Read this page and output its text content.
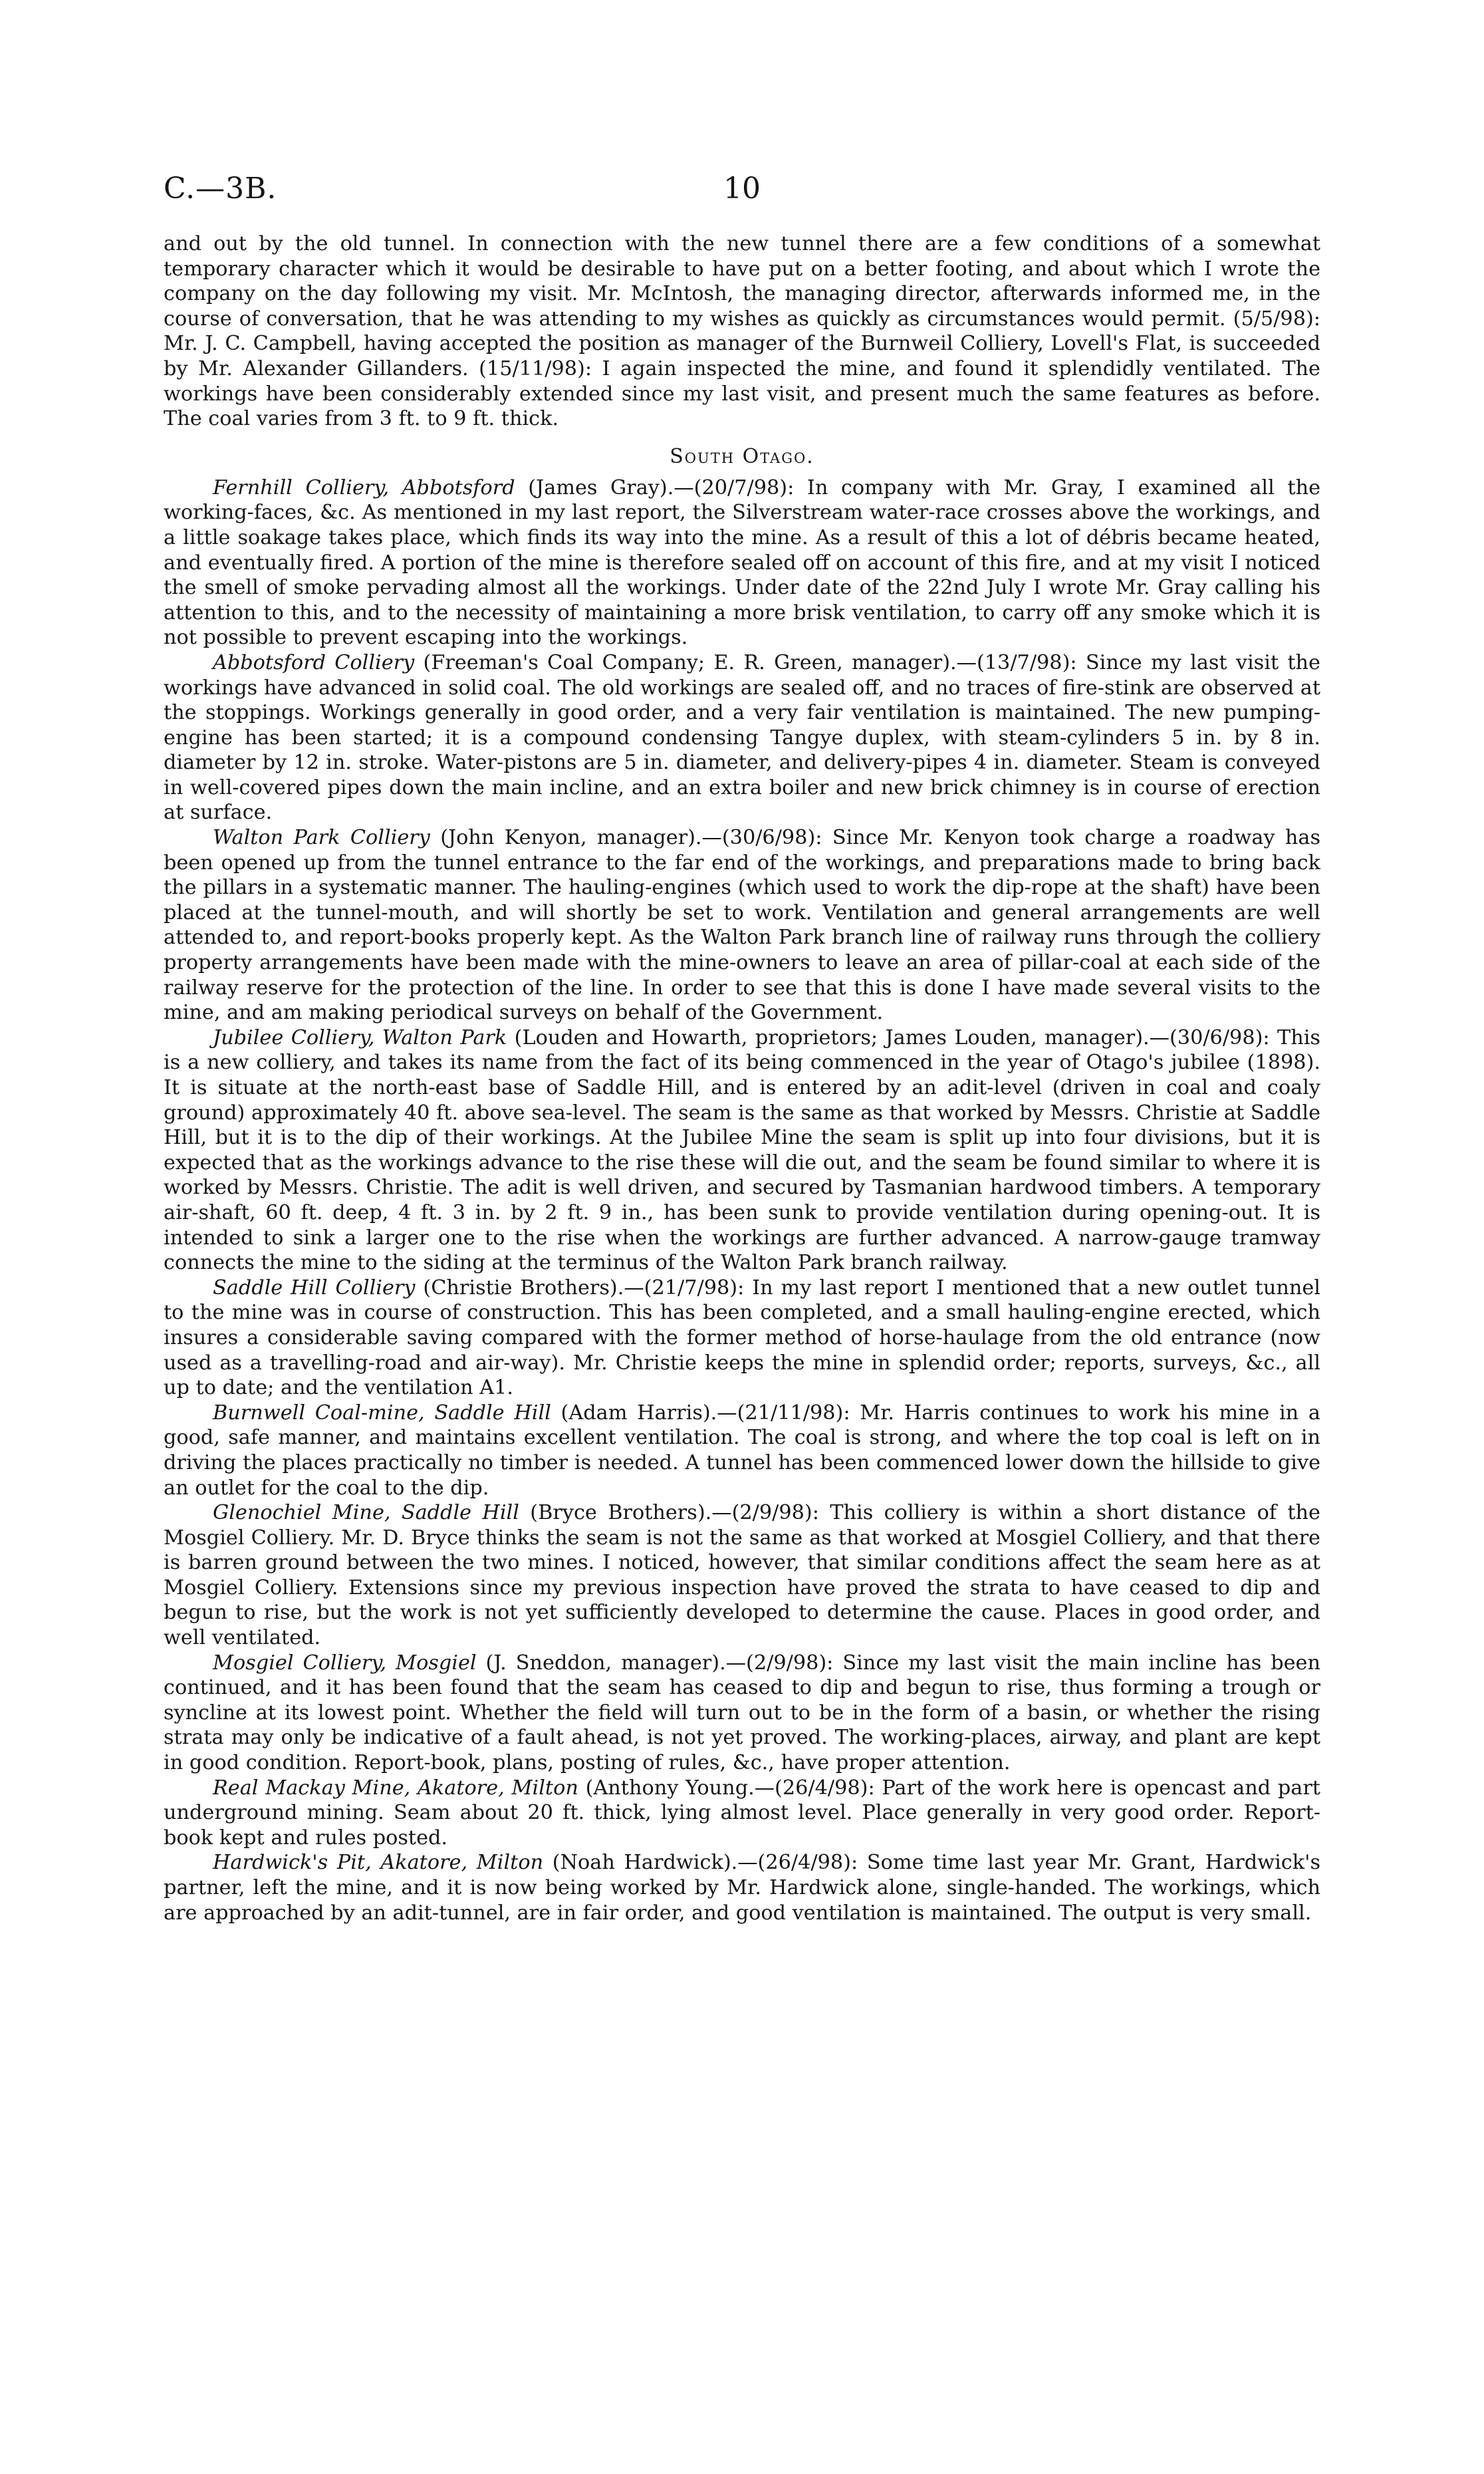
C.—3B.	10

and out by the old tunnel. In connection with the new tunnel there are a few conditions of a somewhat temporary character which it would be desirable to have put on a better footing, and about which I wrote the company on the day following my visit. Mr. McIntosh, the managing director, afterwards informed me, in the course of conversation, that he was attending to my wishes as quickly as circumstances would permit. (5/5/98): Mr. J. C. Campbell, having accepted the position as manager of the Burnweil Colliery, Lovell's Flat, is succeeded by Mr. Alexander Gillanders. (15/11/98): I again inspected the mine, and found it splendidly ventilated. The workings have been considerably extended since my last visit, and present much the same features as before. The coal varies from 3 ft. to 9 ft. thick.

South Otago.

Fernhill Colliery, Abbotsford (James Gray).—(20/7/98): In company with Mr. Gray, I examined all the working-faces, &c. As mentioned in my last report, the Silverstream water-race crosses above the workings, and a little soakage takes place, which finds its way into the mine. As a result of this a lot of débris became heated, and eventually fired. A portion of the mine is therefore sealed off on account of this fire, and at my visit I noticed the smell of smoke pervading almost all the workings. Under date of the 22nd July I wrote Mr. Gray calling his attention to this, and to the necessity of maintaining a more brisk ventilation, to carry off any smoke which it is not possible to prevent escaping into the workings.

Abbotsford Colliery (Freeman's Coal Company; E. R. Green, manager).—(13/7/98): Since my last visit the workings have advanced in solid coal. The old workings are sealed off, and no traces of fire-stink are observed at the stoppings. Workings generally in good order, and a very fair ventilation is maintained. The new pumping-engine has been started; it is a compound condensing Tangye duplex, with steam-cylinders 5 in. by 8 in. diameter by 12 in. stroke. Water-pistons are 5 in. diameter, and delivery-pipes 4 in. diameter. Steam is conveyed in well-covered pipes down the main incline, and an extra boiler and new brick chimney is in course of erection at surface.

Walton Park Colliery (John Kenyon, manager).—(30/6/98): Since Mr. Kenyon took charge a roadway has been opened up from the tunnel entrance to the far end of the workings, and preparations made to bring back the pillars in a systematic manner. The hauling-engines (which used to work the dip-rope at the shaft) have been placed at the tunnel-mouth, and will shortly be set to work. Ventilation and general arrangements are well attended to, and report-books properly kept. As the Walton Park branch line of railway runs through the colliery property arrangements have been made with the mine-owners to leave an area of pillar-coal at each side of the railway reserve for the protection of the line. In order to see that this is done I have made several visits to the mine, and am making periodical surveys on behalf of the Government.

Jubilee Colliery, Walton Park (Louden and Howarth, proprietors; James Louden, manager).—(30/6/98): This is a new colliery, and takes its name from the fact of its being commenced in the year of Otago's jubilee (1898). It is situate at the north-east base of Saddle Hill, and is entered by an adit-level (driven in coal and coaly ground) approximately 40 ft. above sea-level. The seam is the same as that worked by Messrs. Christie at Saddle Hill, but it is to the dip of their workings. At the Jubilee Mine the seam is split up into four divisions, but it is expected that as the workings advance to the rise these will die out, and the seam be found similar to where it is worked by Messrs. Christie. The adit is well driven, and secured by Tasmanian hardwood timbers. A temporary air-shaft, 60 ft. deep, 4 ft. 3 in. by 2 ft. 9 in., has been sunk to provide ventilation during opening-out. It is intended to sink a larger one to the rise when the workings are further advanced. A narrow-gauge tramway connects the mine to the siding at the terminus of the Walton Park branch railway.

Saddle Hill Colliery (Christie Brothers).—(21/7/98): In my last report I mentioned that a new outlet tunnel to the mine was in course of construction. This has been completed, and a small hauling-engine erected, which insures a considerable saving compared with the former method of horse-haulage from the old entrance (now used as a travelling-road and air-way). Mr. Christie keeps the mine in splendid order; reports, surveys, &c., all up to date; and the ventilation A1.

Burnwell Coal-mine, Saddle Hill (Adam Harris).—(21/11/98): Mr. Harris continues to work his mine in a good, safe manner, and maintains excellent ventilation. The coal is strong, and where the top coal is left on in driving the places practically no timber is needed. A tunnel has been commenced lower down the hillside to give an outlet for the coal to the dip.

Glenochiel Mine, Saddle Hill (Bryce Brothers).—(2/9/98): This colliery is within a short distance of the Mosgiel Colliery. Mr. D. Bryce thinks the seam is not the same as that worked at Mosgiel Colliery, and that there is barren ground between the two mines. I noticed, however, that similar conditions affect the seam here as at Mosgiel Colliery. Extensions since my previous inspection have proved the strata to have ceased to dip and begun to rise, but the work is not yet sufficiently developed to determine the cause. Places in good order, and well ventilated.

Mosgiel Colliery, Mosgiel (J. Sneddon, manager).—(2/9/98): Since my last visit the main incline has been continued, and it has been found that the seam has ceased to dip and begun to rise, thus forming a trough or syncline at its lowest point. Whether the field will turn out to be in the form of a basin, or whether the rising strata may only be indicative of a fault ahead, is not yet proved. The working-places, airway, and plant are kept in good condition. Report-book, plans, posting of rules, &c., have proper attention.

Real Mackay Mine, Akatore, Milton (Anthony Young.—(26/4/98): Part of the work here is opencast and part underground mining. Seam about 20 ft. thick, lying almost level. Place generally in very good order. Report-book kept and rules posted.

Hardwick's Pit, Akatore, Milton (Noah Hardwick).—(26/4/98): Some time last year Mr. Grant, Hardwick's partner, left the mine, and it is now being worked by Mr. Hardwick alone, single-handed. The workings, which are approached by an adit-tunnel, are in fair order, and good ventilation is maintained. The output is very small.
